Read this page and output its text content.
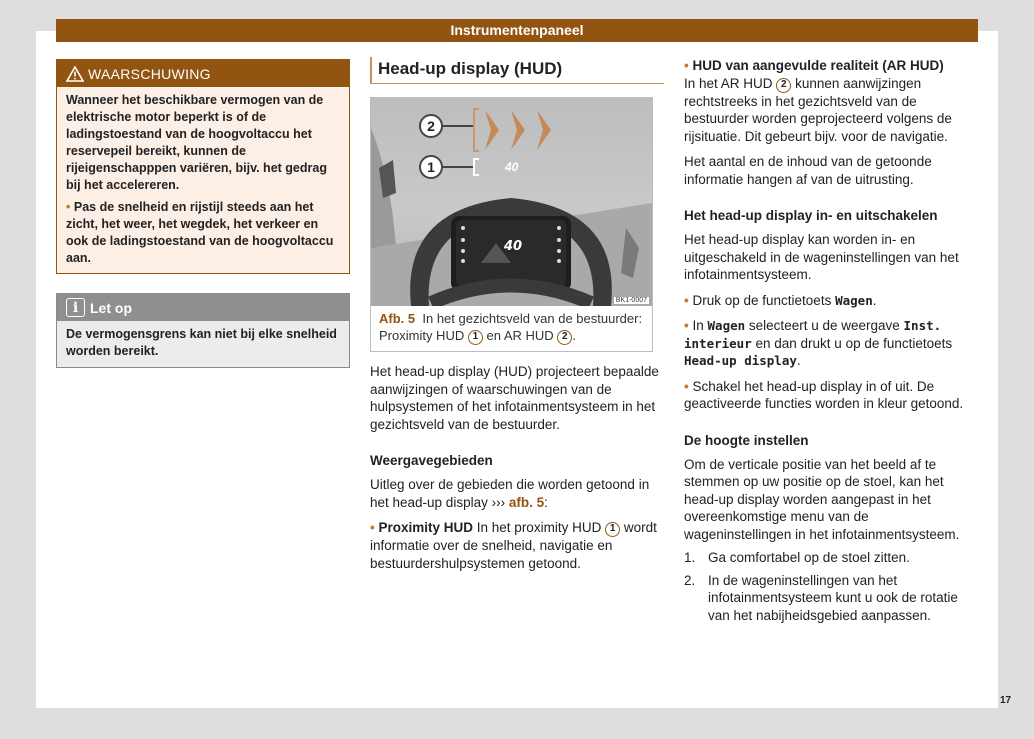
Instrumentenpaneel
WAARSCHUWING

Wanneer het beschikbare vermogen van de elektrische motor beperkt is of de ladingstoestand van de hoogvoltaccu het reservepeil bereikt, kunnen de rijeigenschapppen variëren, bijv. het gedrag bij het accelereren.

• Pas de snelheid en rijstijl steeds aan het zicht, het weer, het wegdek, het verkeer en ook de ladingstoestand van de hoogvoltaccu aan.

i Let op
De vermogensgrens kan niet bij elke snelheid worden bereikt.
Head-up display (HUD)
40
2
1	40
BK1-0007
Afb. 5 In het gezichtsveld van de bestuurder: Proximity HUD 1 en AR HUD 2 .
Het head-up display (HUD) projecteert bepaalde aanwijzingen of waarschuwingen van de hulpsystemen of het infotainmentsysteem in het gezichtsveld van de bestuurder.
Weergavegebieden
Uitleg over de gebieden die worden getoond in het head-up display ››› afb. 5:
• Proximity HUD In het proximity HUD 1 wordt informatie over de snelheid, navigatie en bestuurdershulpsystemen getoond.
• HUD van aangevulde realiteit (AR HUD)
In het AR HUD 2 kunnen aanwijzingen rechtstreeks in het gezichtsveld van de bestuurder worden geprojecteerd volgens de rijsituatie. Dit gebeurt bijv. voor de navigatie.
Het aantal en de inhoud van de getoonde informatie hangen af van de uitrusting.
Het head-up display in- en uitschakelen
Het head-up display kan worden in- en uitgeschakeld in de wageninstellingen van het infotainmentsysteem.
• Druk op de functietoets Wagen.
• In Wagen selecteert u de weergave Inst. interieur en dan drukt u op de functietoets Head-up display.
• Schakel het head-up display in of uit. De geactiveerde functies worden in kleur getoond.
De hoogte instellen
Om de verticale positie van het beeld af te stemmen op uw positie op de stoel, kan het head-up display worden aangepast in het overeenkomstige menu van de wageninstellingen in het infotainmentsysteem.
1. Ga comfortabel op de stoel zitten.
2. In de wageninstellingen van het infotainmentsysteem kunt u ook de rotatie van het nabijheidsgebied aanpassen.
17
